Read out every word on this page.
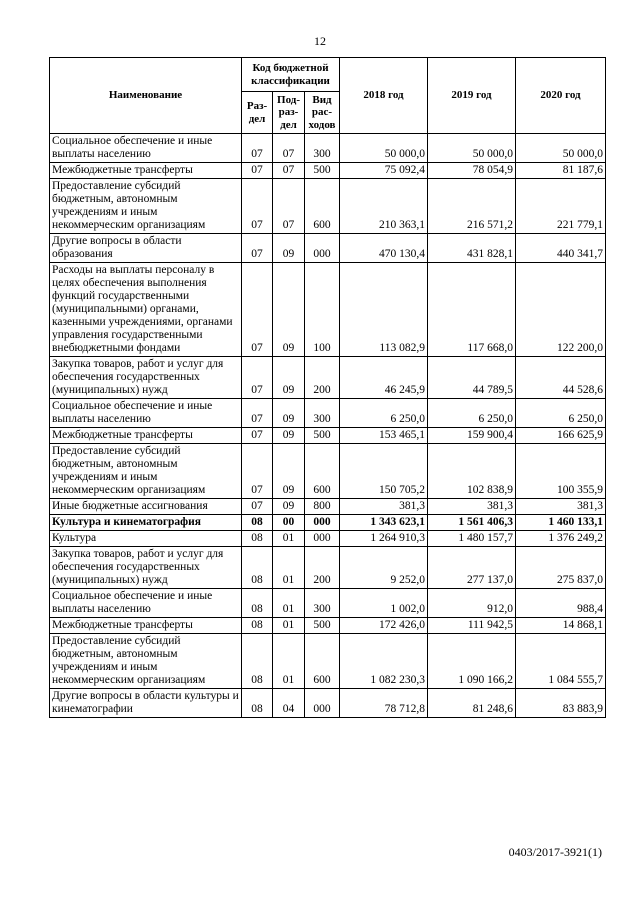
12
Наименование	Код бюджетной классификации			2018 год	2019 год	2020 год
	Раз-дел	Под-раз-дел	Вид рас-ходов			
Социальное обеспечение и иные выплаты населению	07	07	300	50 000,0	50 000,0	50 000,0
Межбюджетные трансферты	07	07	500	75 092,4	78 054,9	81 187,6
Предоставление субсидий бюджетным, автономным учреждениям и иным некоммерческим организациям	07	07	600	210 363,1	216 571,2	221 779,1
Другие вопросы в области образования	07	09	000	470 130,4	431 828,1	440 341,7
Расходы на выплаты персоналу в целях обеспечения выполнения функций государственными (муниципальными) органами, казенными учреждениями, органами управления государственными внебюджетными фондами	07	09	100	113 082,9	117 668,0	122 200,0
Закупка товаров, работ и услуг для обеспечения государственных (муниципальных) нужд	07	09	200	46 245,9	44 789,5	44 528,6
Социальное обеспечение и иные выплаты населению	07	09	300	6 250,0	6 250,0	6 250,0
Межбюджетные трансферты	07	09	500	153 465,1	159 900,4	166 625,9
Предоставление субсидий бюджетным, автономным учреждениям и иным некоммерческим организациям	07	09	600	150 705,2	102 838,9	100 355,9
Иные бюджетные ассигнования	07	09	800	381,3	381,3	381,3
Культура и кинематография	08	00	000	1 343 623,1	1 561 406,3	1 460 133,1
Культура	08	01	000	1 264 910,3	1 480 157,7	1 376 249,2
Закупка товаров, работ и услуг для обеспечения государственных (муниципальных) нужд	08	01	200	9 252,0	277 137,0	275 837,0
Социальное обеспечение и иные выплаты населению	08	01	300	1 002,0	912,0	988,4
Межбюджетные трансферты	08	01	500	172 426,0	111 942,5	14 868,1
Предоставление субсидий бюджетным, автономным учреждениям и иным некоммерческим организациям	08	01	600	1 082 230,3	1 090 166,2	1 084 555,7
Другие вопросы в области культуры и кинематографии	08	04	000	78 712,8	81 248,6	83 883,9
0403/2017-3921(1)
